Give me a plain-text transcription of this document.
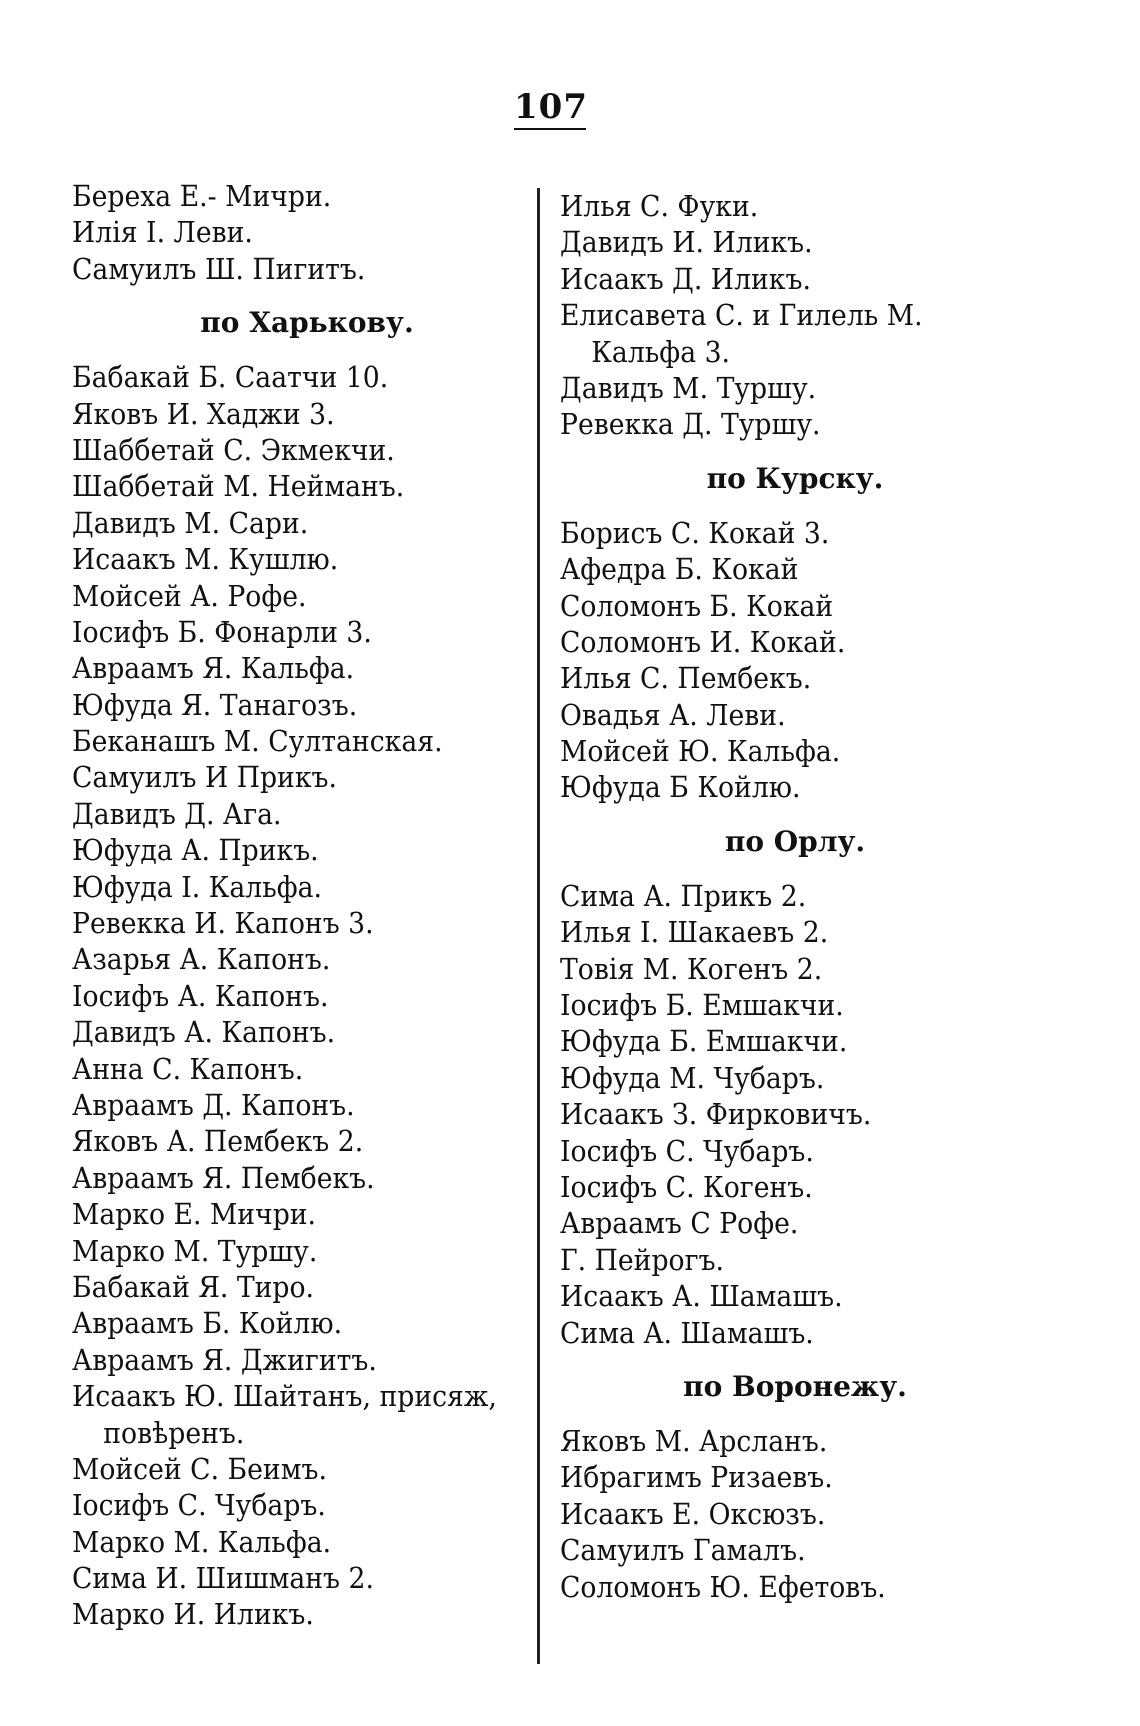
107
Береха Е.- Мичри.
Илія І. Леви.
Самуилъ Ш. Пигитъ.
по Харькову.
Бабакай Б. Саатчи 10.
Яковъ И. Хаджи 3.
Шаббетай С. Экмекчи.
Шаббетай М. Нейманъ.
Давидъ М. Сари.
Исаакъ М. Кушлю.
Мойсей А. Рофе.
Іосифъ Б. Фонарли 3.
Авраамъ Я. Кальфа.
Юфуда Я. Танагозъ.
Беканашъ М. Султанская.
Самуилъ И Прикъ.
Давидъ Д. Ага.
Юфуда А. Прикъ.
Юфуда І. Кальфа.
Ревекка И. Капонъ 3.
Азарья А. Капонъ.
Іосифъ А. Капонъ.
Давидъ А. Капонъ.
Анна С. Капонъ.
Авраамъ Д. Капонъ.
Яковъ А. Пембекъ 2.
Авраамъ Я. Пембекъ.
Марко Е. Мичри.
Марко М. Туршу.
Бабакай Я. Тиро.
Авраамъ Б. Койлю.
Авраамъ Я. Джигитъ.
Исаакъ Ю. Шайтанъ, присяж,
повѣренъ.
Мойсей С. Беимъ.
Іосифъ С. Чубаръ.
Марко М. Кальфа.
Сима И. Шишманъ 2.
Марко И. Иликъ.
Илья С. Фуки.
Давидъ И. Иликъ.
Исаакъ Д. Иликъ.
Елисавета С. и Гилель М.
Кальфа 3.
Давидъ М. Туршу.
Ревекка Д. Туршу.
по Курску.
Борисъ С. Кокай 3.
Афедра Б. Кокай
Соломонъ Б. Кокай
Соломонъ И. Кокай.
Илья С. Пембекъ.
Овадья А. Леви.
Мойсей Ю. Кальфа.
Юфуда Б Койлю.
по Орлу.
Сима А. Прикъ 2.
Илья І. Шакаевъ 2.
Товія М. Когенъ 2.
Іосифъ Б. Емшакчи.
Юфуда Б. Емшакчи.
Юфуда М. Чубаръ.
Исаакъ З. Фирковичъ.
Іосифъ С. Чубаръ.
Іосифъ С. Когенъ.
Авраамъ С Рофе.
Г. Пейрогъ.
Исаакъ А. Шамашъ.
Сима А. Шамашъ.
по Воронежу.
Яковъ М. Арсланъ.
Ибрагимъ Ризаевъ.
Исаакъ Е. Оксюзъ.
Самуилъ Гамалъ.
Соломонъ Ю. Ефетовъ.
